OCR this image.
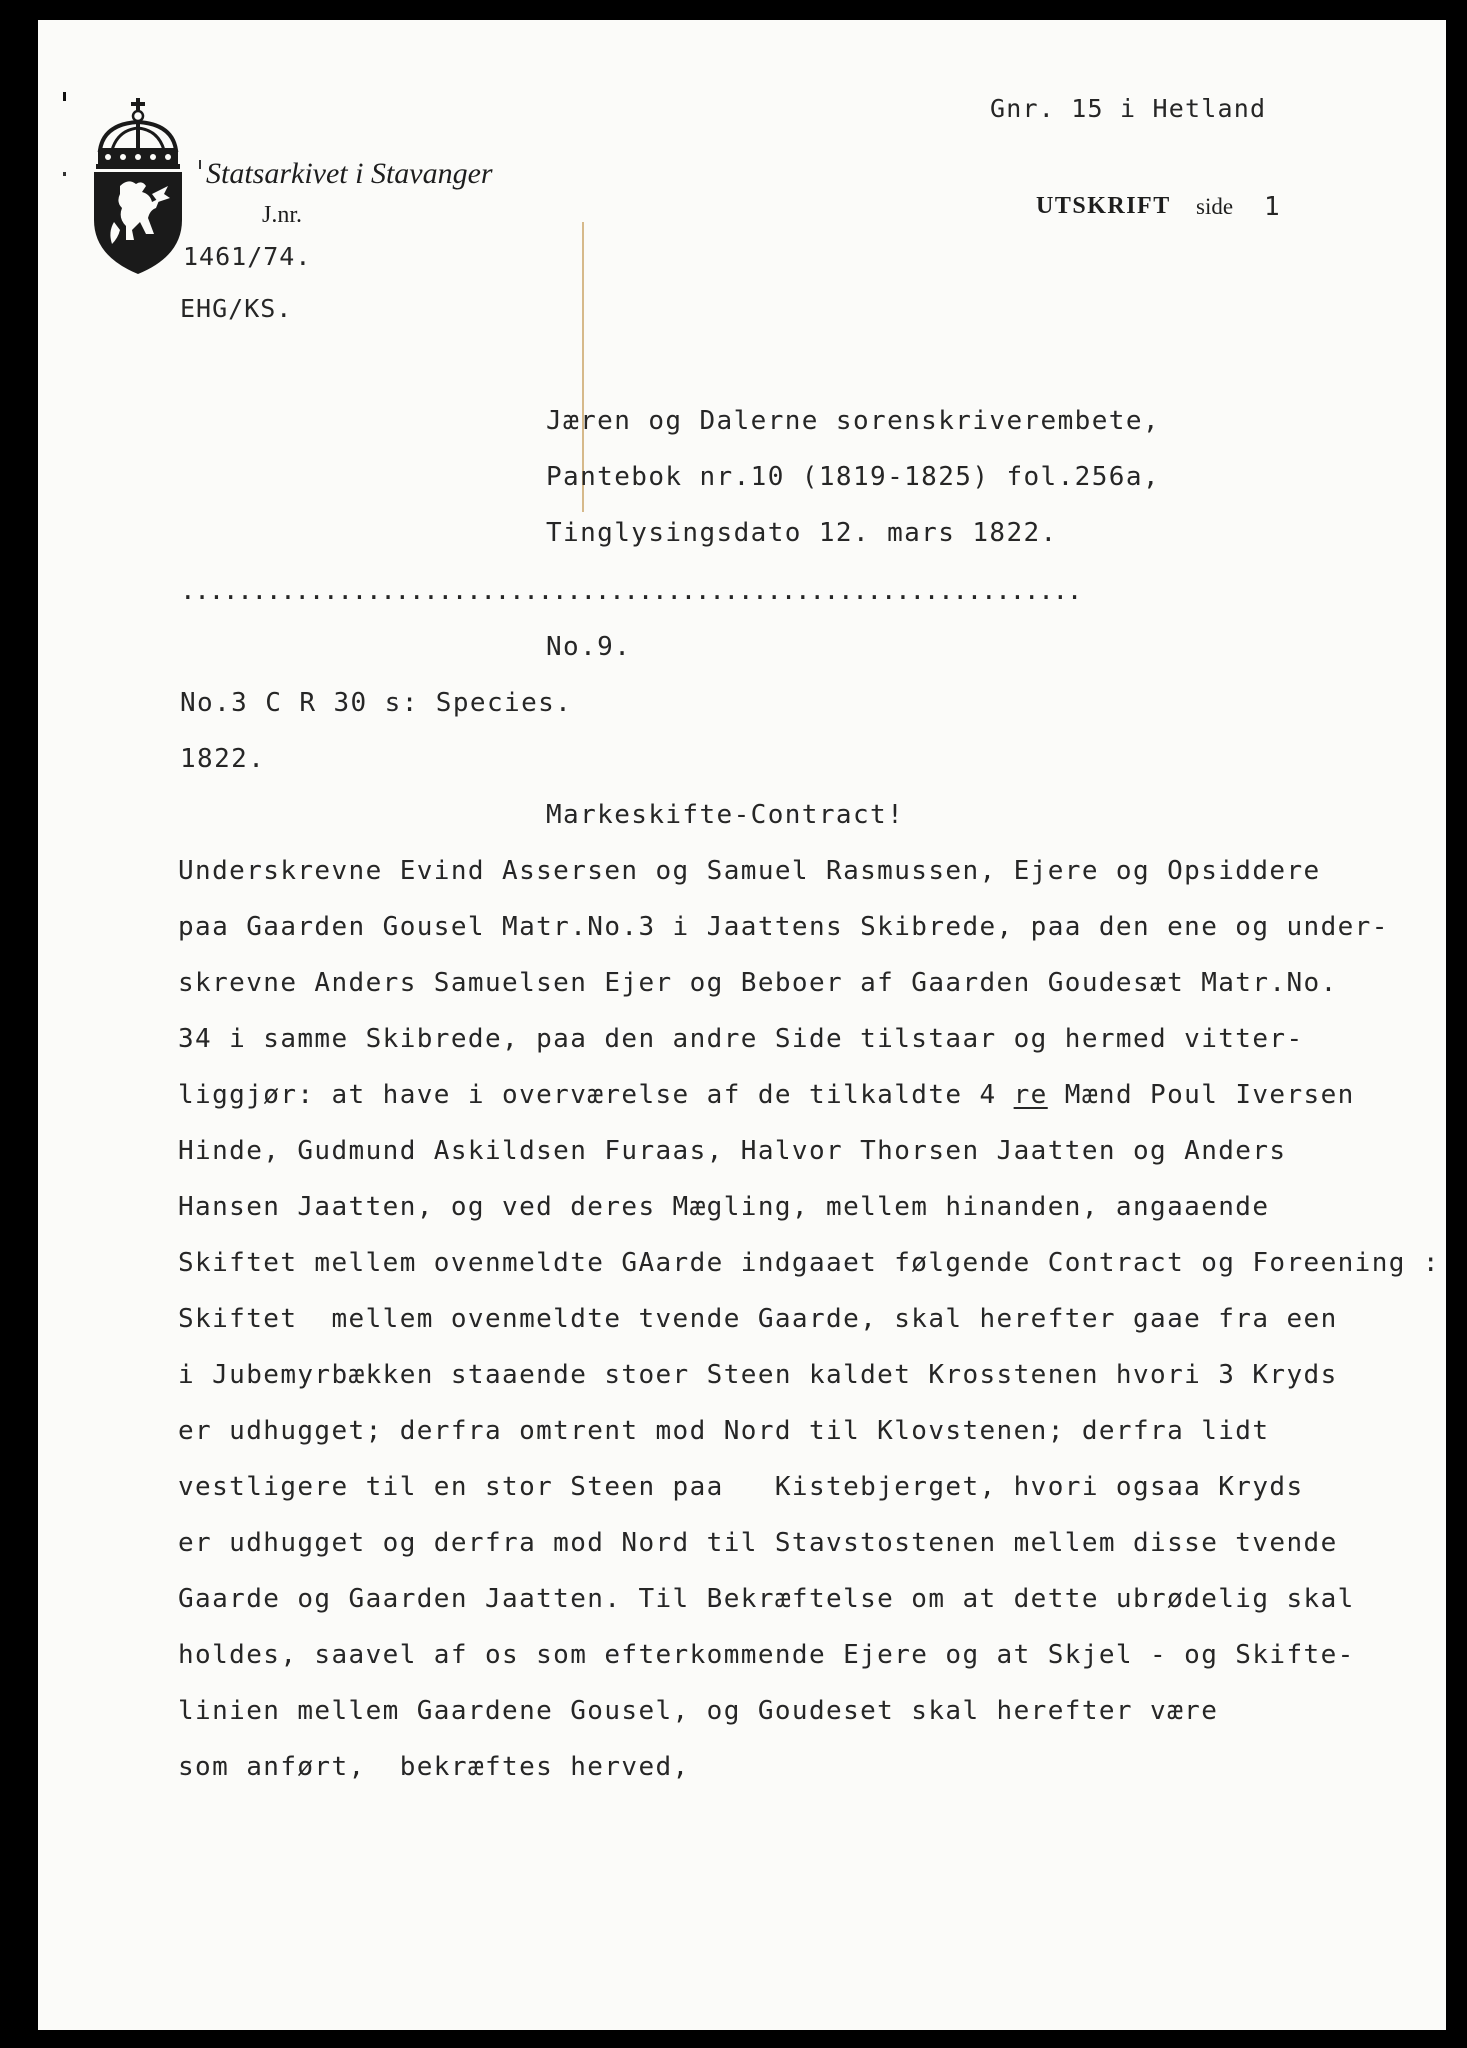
Gnr. 15 i Hetland
Statsarkivet i Stavanger
J.nr.
1461/74.
EHG/KS.
UTSKRIFT side 1
Jæren og Dalerne sorenskriverembete,
Pantebok nr.10 (1819-1825) fol.256a,
Tinglysingsdato 12. mars 1822.
...............................................................
No.9.
No.3 C R 30 s: Species.
1822.
Markeskifte-Contract!
Underskrevne Evind Assersen og Samuel Rasmussen, Ejere og Opsiddere
paa Gaarden Gousel Matr.No.3 i Jaattens Skibrede, paa den ene og under-
skrevne Anders Samuelsen Ejer og Beboer af Gaarden Goudesæt Matr.No.
34 i samme Skibrede, paa den andre Side tilstaar og hermed vitter-
liggjør: at have i overværelse af de tilkaldte 4 re Mænd Poul Iversen
Hinde, Gudmund Askildsen Furaas, Halvor Thorsen Jaatten og Anders
Hansen Jaatten, og ved deres Mægling, mellem hinanden, angaaende
Skiftet mellem ovenmeldte GAarde indgaaet følgende Contract og Foreening :
Skiftet  mellem ovenmeldte tvende Gaarde, skal herefter gaae fra een
i Jubemyrbækken staaende stoer Steen kaldet Krosstenen hvori 3 Kryds
er udhugget; derfra omtrent mod Nord til Klovstenen; derfra lidt
vestligere til en stor Steen paa   Kistebjerget, hvori ogsaa Kryds
er udhugget og derfra mod Nord til Stavstostenen mellem disse tvende
Gaarde og Gaarden Jaatten. Til Bekræftelse om at dette ubrødelig skal
holdes, saavel af os som efterkommende Ejere og at Skjel - og Skifte-
linien mellem Gaardene Gousel, og Goudeset skal herefter være
som anført,  bekræftes herved,
